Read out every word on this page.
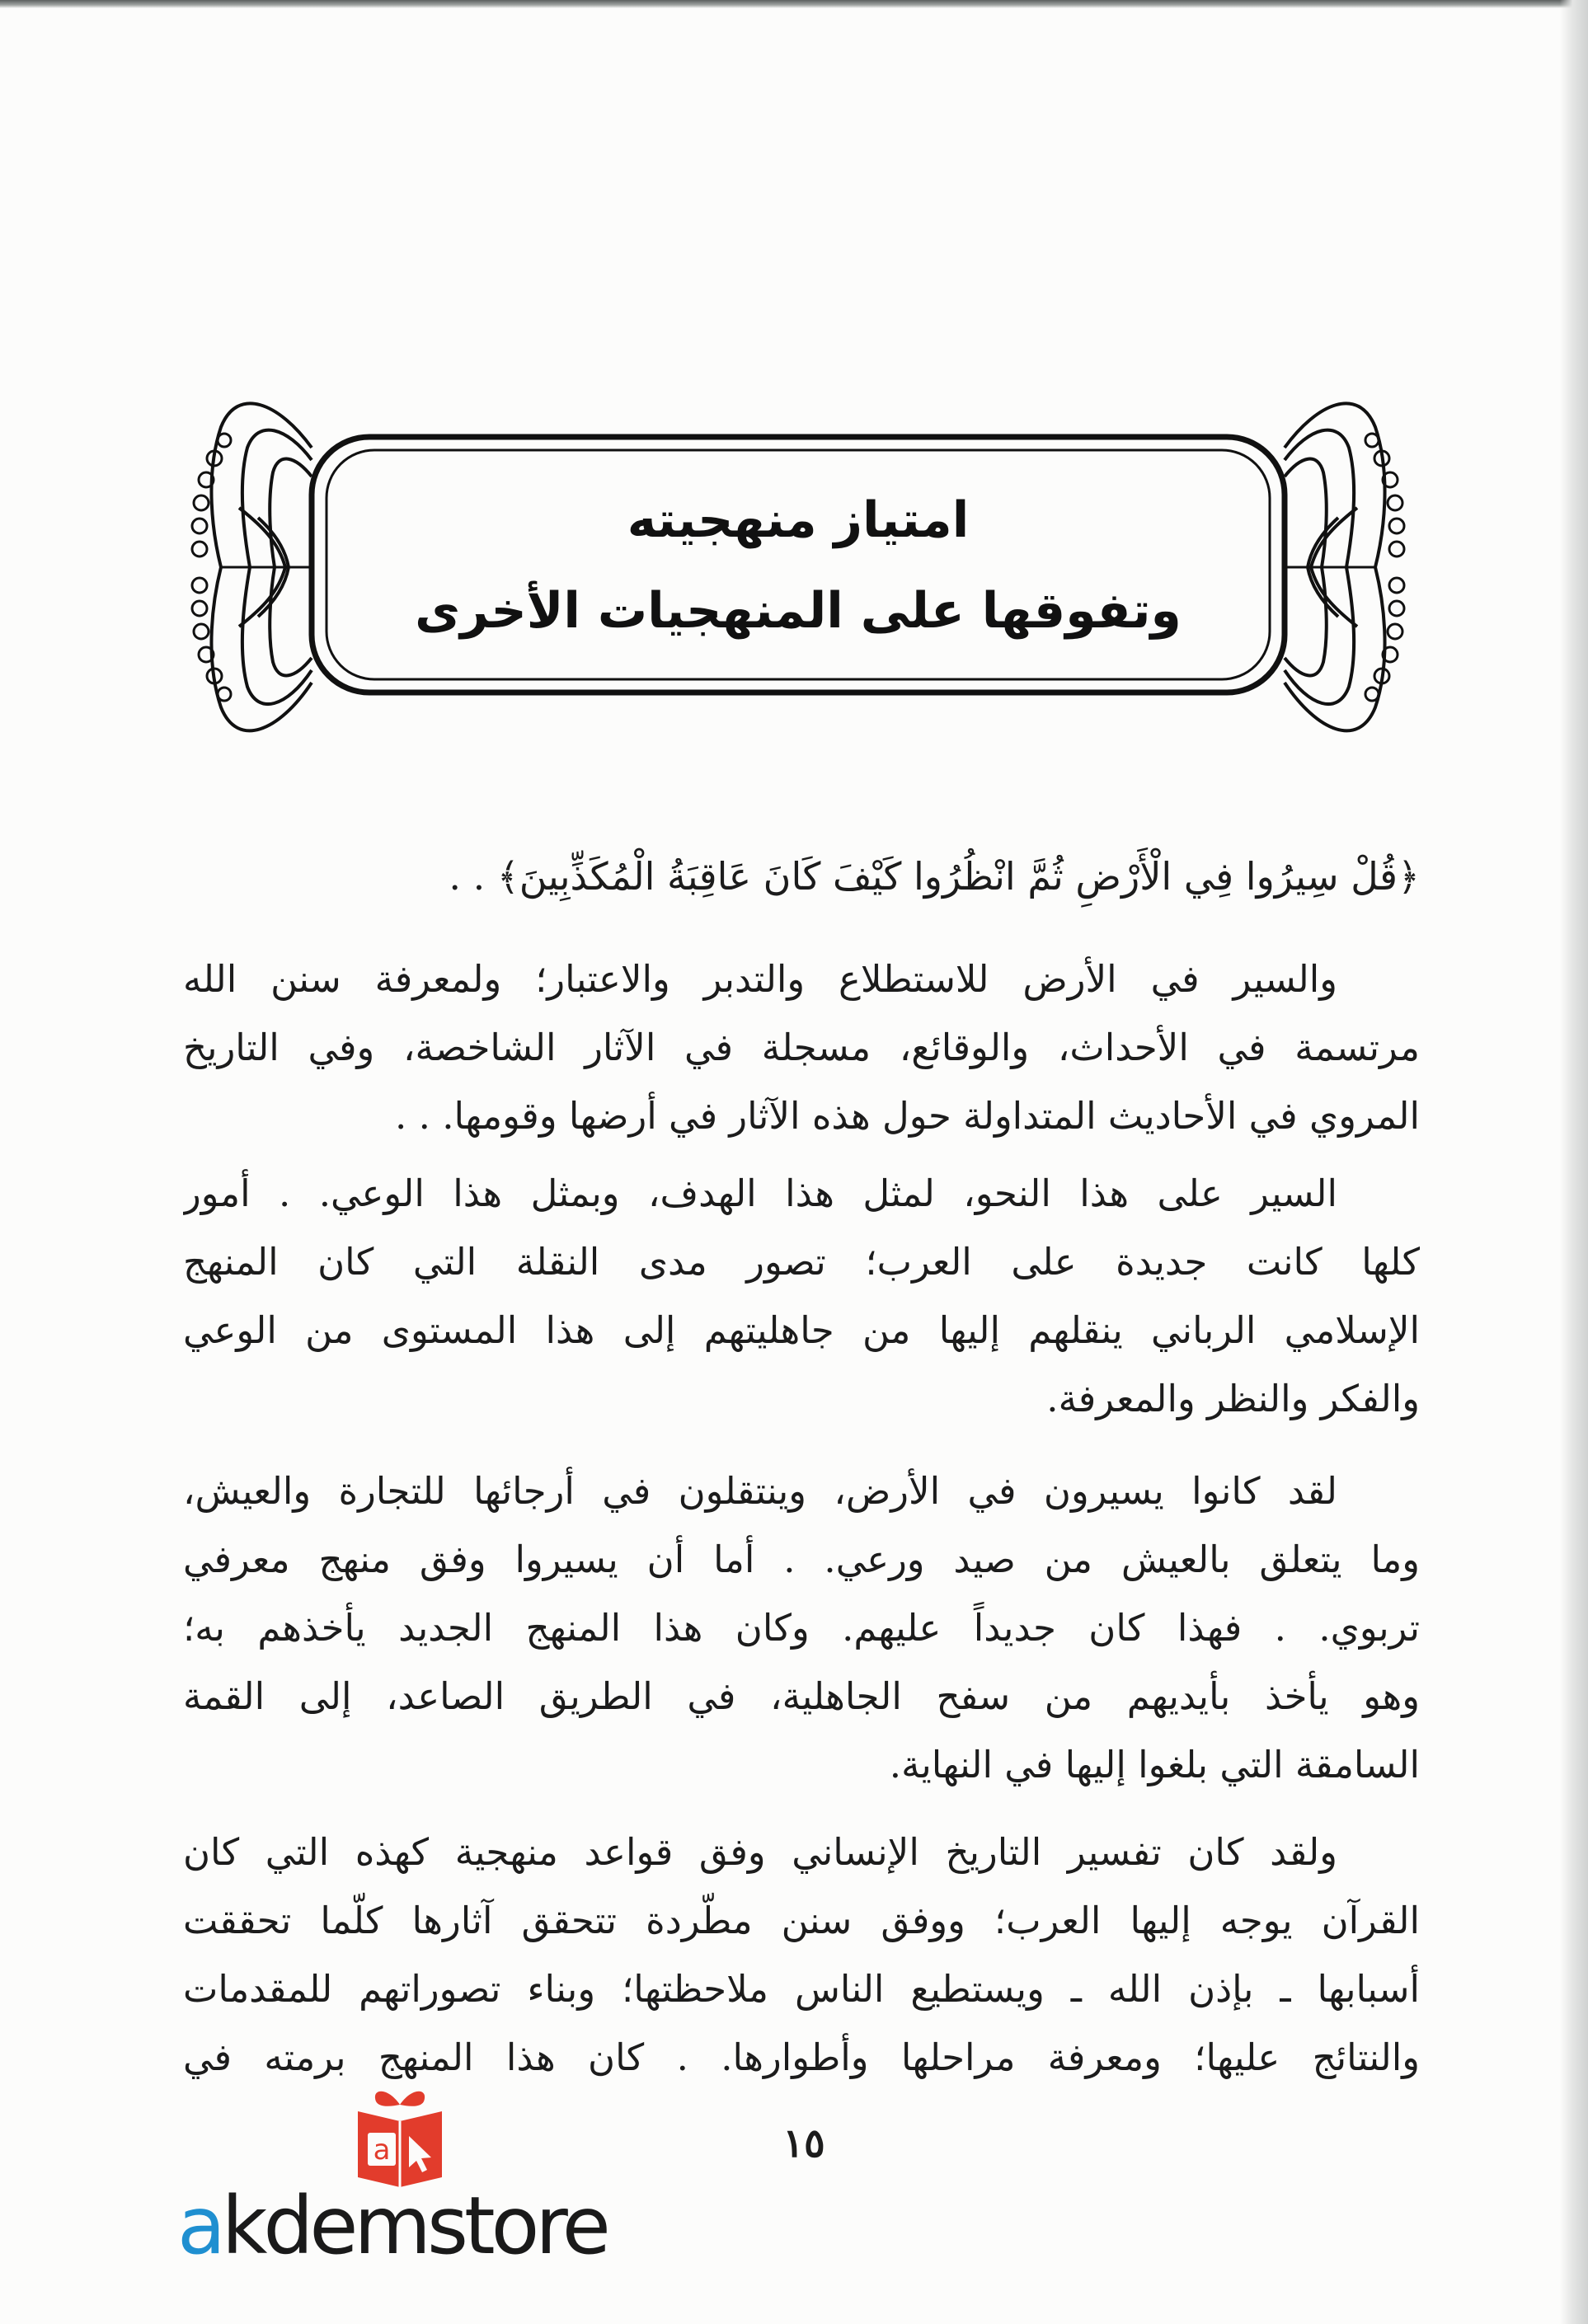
امتياز منهجيته
وتفوقها على المنهجيات الأخرى
﴿قُلْ سِيرُوا فِي الْأَرْضِ ثُمَّ انْظُرُوا كَيْفَ كَانَ عَاقِبَةُ الْمُكَذِّبِينَ﴾ . .
والسير في الأرض للاستطلاع والتدبر والاعتبار؛ ولمعرفة سنن الله
مرتسمة في الأحداث، والوقائع، مسجلة في الآثار الشاخصة، وفي التاريخ
المروي في الأحاديث المتداولة حول هذه الآثار في أرضها وقومها. . .
السير على هذا النحو، لمثل هذا الهدف، وبمثل هذا الوعي. . أمور
كلها كانت جديدة على العرب؛ تصور مدى النقلة التي كان المنهج
الإسلامي الرباني ينقلهم إليها من جاهليتهم إلى هذا المستوى من الوعي
والفكر والنظر والمعرفة.
لقد كانوا يسيرون في الأرض، وينتقلون في أرجائها للتجارة والعيش،
وما يتعلق بالعيش من صيد ورعي. . أما أن يسيروا وفق منهج معرفي
تربوي. . فهذا كان جديداً عليهم. وكان هذا المنهج الجديد يأخذهم به؛
وهو يأخذ بأيديهم من سفح الجاهلية، في الطريق الصاعد، إلى القمة
السامقة التي بلغوا إليها في النهاية.
ولقد كان تفسير التاريخ الإنساني وفق قواعد منهجية كهذه التي كان
القرآن يوجه إليها العرب؛ ووفق سنن مطّردة تتحقق آثارها كلّما تحققت
أسبابها ـ بإذن الله ـ ويستطيع الناس ملاحظتها؛ وبناء تصوراتهم للمقدمات
والنتائج عليها؛ ومعرفة مراحلها وأطوارها. . كان هذا المنهج برمته في
١٥
a
akdemstore
